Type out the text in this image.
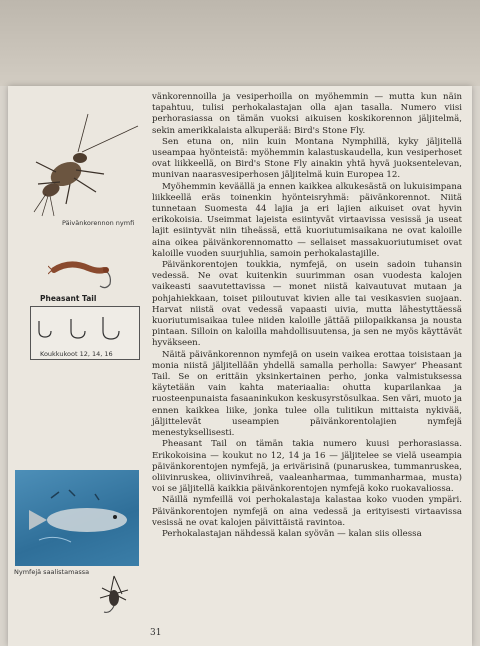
Päivänkorennon nymfi
Pheasant Tail
Koukkukoot 12, 14, 16
Nymfejä saalistamassa

vänkorennoilla ja vesiperhoilla on myöhemmin — mutta kun näin tapahtuu, tulisi perhokalastajan olla ajan tasalla. Numero viisi perhorasiassa on tämän vuoksi aikuisen koskikorennon jäljitelmä, sekin amerikkalaista alkuperää: Bird's Stone Fly.

Sen etuna on, niin kuin Montana Nymphillä, kyky jäljitellä useampaa hyönteistä: myöhemmin kalastuskaudella, kun vesiperhoset ovat liikkeellä, on Bird's Stone Fly ainakin yhtä hyvä juoksentelevan, munivan naarasvesiperhosen jäljitelmä kuin Europea 12.

Myöhemmin keväällä ja ennen kaikkea alkukesästä on lukuisimpana liikkeellä eräs toinenkin hyönteisryhmä: päivänkorennot. Niitä tunnetaan Suomesta 44 lajia ja eri lajien aikuiset ovat hyvin erikokoisia. Useimmat lajeista esiintyvät virtaavissa vesissä ja useat lajit esiintyvät niin tiheässä, että kuoriutumisaikana ne ovat kaloille aina oikea päivänkorennomatto — sellaiset massakuoriutumiset ovat kaloille vuoden suurjuhlia, samoin perhokalastajille.

Päivänkorentojen toukkia, nymfejä, on usein sadoin tuhansin vedessä. Ne ovat kuitenkin suurimman osan vuodesta kalojen vaikeasti saavutettavissa — monet niistä kaivautuvat mutaan ja pohjahiekkaan, toiset piiloutuvat kivien alle tai vesikasvien suojaan. Harvat niistä ovat vedessä vapaasti uivia, mutta lähestyttäessä kuoriutumisaikaa tulee niiden kaloille jättää piilopaikkansa ja nousta pintaan. Silloin on kaloilla mahdollisuutensa, ja sen ne myös käyttävät hyväkseen.

Näitä päivänkorennon nymfejä on usein vaikea erottaa toisistaan ja monia niistä jäljitellään yhdellä samalla perholla: Sawyer' Pheasant Tail. Se on erittäin yksinkertainen perho, jonka valmistuksessa käytetään vain kahta materiaalia: ohutta kuparilankaa ja ruosteenpunaista fasaaninkukon keskusyrstösulkaa. Sen väri, muoto ja ennen kaikkea liike, jonka tulee olla tulitikun mittaista nykivää, jäljittelevät useampien päivänkorentolajien nymfejä menestyksellisesti.

Pheasant Tail on tämän takia numero kuusi perhorasiassa. Erikokoisina — koukut no 12, 14 ja 16 — jäljitelee se vielä useampia päivänkorentojen nymfejä, ja erivärisinä (punaruskea, tummanruskea, oliivinruskea, oliivinvihreä, vaaleanharmaa, tummanharmaa, musta) voi se jäljitellä kaikkia päivänkorentojen nymfejä koko ruokavaliossa.

Näillä nymfeillä voi perhokalastaja kalastaa koko vuoden ympäri. Päivänkorentojen nymfejä on aina vedessä ja erityisesti virtaavissa vesissä ne ovat kalojen päivittäistä ravintoa.

Perhokalastajan nähdessä kalan syövän — kalan siis ollessa

31
